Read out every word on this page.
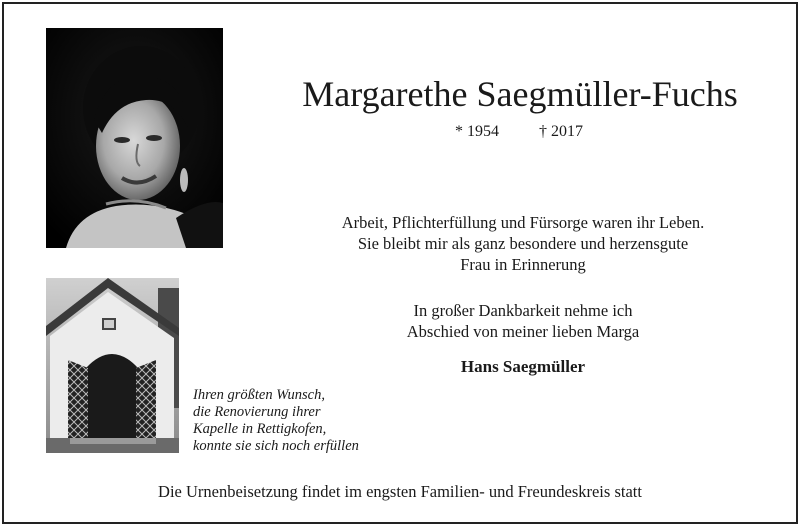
Margarethe Saegmüller-Fuchs
* 1954	† 2017
Arbeit, Pflichterfüllung und Fürsorge waren ihr Leben.
Sie bleibt mir als ganz besondere und herzensgute
Frau in Erinnerung
In großer Dankbarkeit nehme ich
Abschied von meiner lieben Marga
Hans Saegmüller
Ihren größten Wunsch,
die Renovierung ihrer
Kapelle in Rettigkofen,
konnte sie sich noch erfüllen
Die Urnenbeisetzung findet im engsten Familien- und Freundeskreis statt
